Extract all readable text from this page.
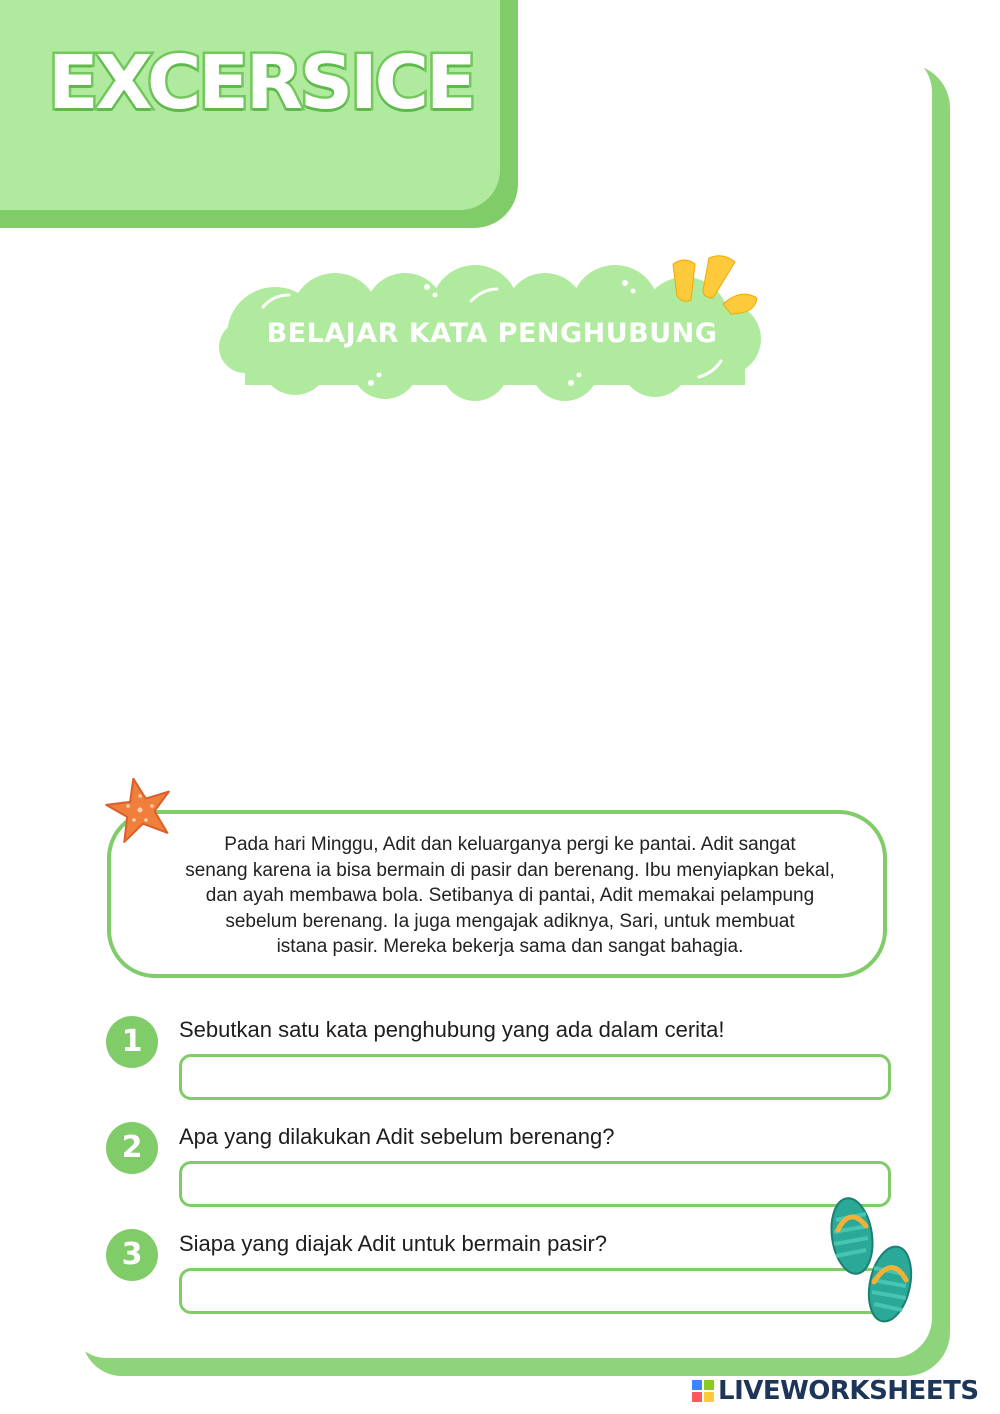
EXCERSICE
BELAJAR KATA PENGHUBUNG
Pada hari Minggu, Adit dan keluarganya pergi ke pantai. Adit sangat
senang karena ia bisa bermain di pasir dan berenang. Ibu menyiapkan bekal,
dan ayah membawa bola. Setibanya di pantai, Adit memakai pelampung
sebelum berenang. Ia juga mengajak adiknya, Sari, untuk membuat
istana pasir. Mereka bekerja sama dan sangat bahagia.
1	Sebutkan satu kata penghubung yang ada dalam cerita!
2	Apa yang dilakukan Adit sebelum berenang?
3	Siapa yang diajak Adit untuk bermain pasir?
LIVEWORKSHEETS
